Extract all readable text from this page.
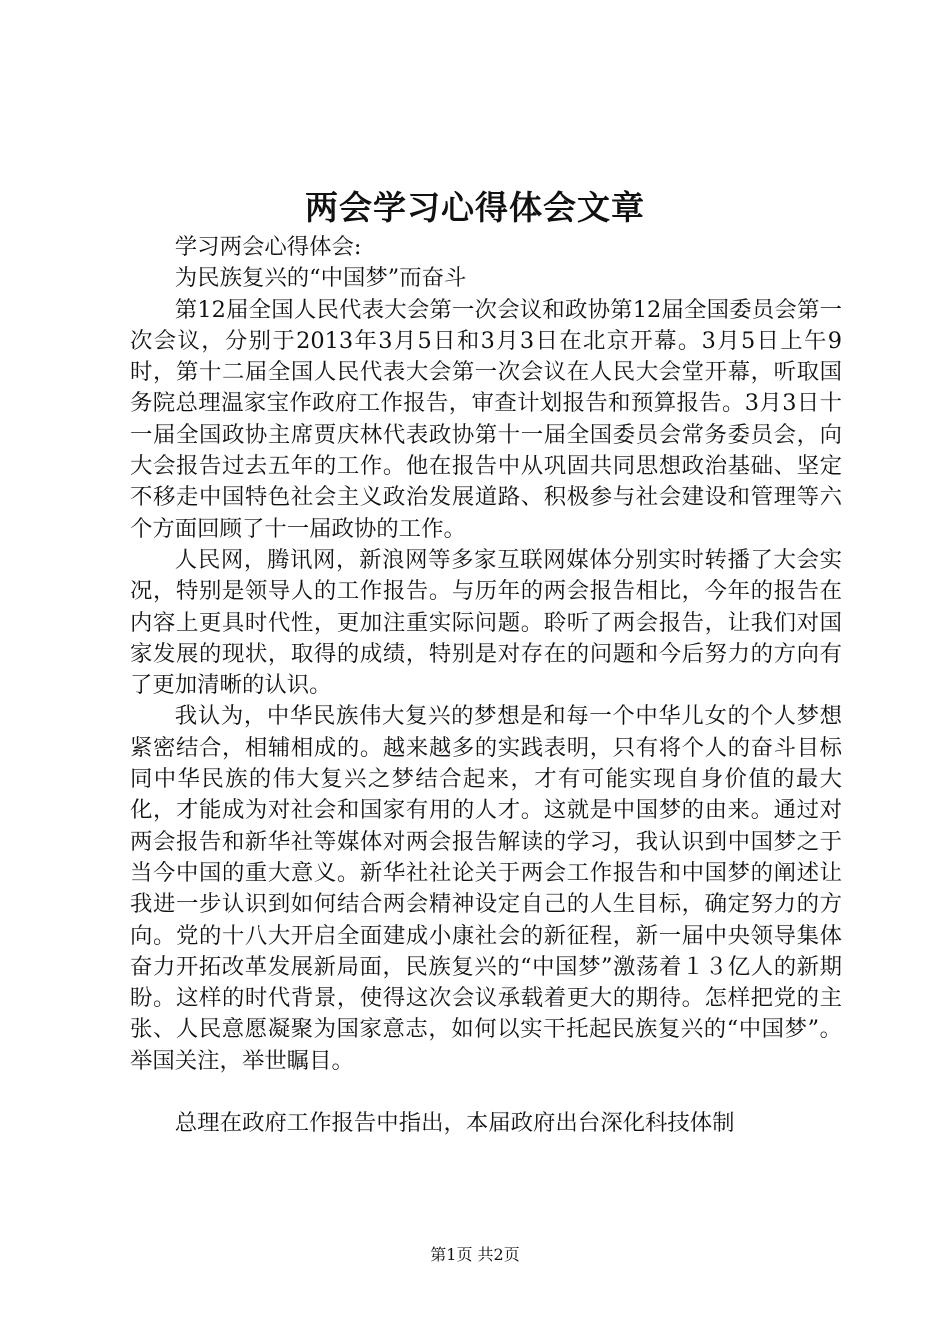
两会学习心得体会文章

学习两会心得体会:

为民族复兴的“中国梦”而奋斗

第12届全国人民代表大会第一次会议和政协第12届全国委员会第一次会议，分别于2013年3月5日和3月3日在北京开幕。3月5日上午9时，第十二届全国人民代表大会第一次会议在人民大会堂开幕，听取国务院总理温家宝作政府工作报告，审查计划报告和预算报告。3月3日十一届全国政协主席贾庆林代表政协第十一届全国委员会常务委员会，向大会报告过去五年的工作。他在报告中从巩固共同思想政治基础、坚定不移走中国特色社会主义政治发展道路、积极参与社会建设和管理等六个方面回顾了十一届政协的工作。

人民网，腾讯网，新浪网等多家互联网媒体分别实时转播了大会实况，特别是领导人的工作报告。与历年的两会报告相比，今年的报告在内容上更具时代性，更加注重实际问题。聆听了两会报告，让我们对国家发展的现状，取得的成绩，特别是对存在的问题和今后努力的方向有了更加清晰的认识。

我认为，中华民族伟大复兴的梦想是和每一个中华儿女的个人梦想紧密结合，相辅相成的。越来越多的实践表明，只有将个人的奋斗目标同中华民族的伟大复兴之梦结合起来，才有可能实现自身价值的最大化，才能成为对社会和国家有用的人才。这就是中国梦的由来。通过对两会报告和新华社等媒体对两会报告解读的学习，我认识到中国梦之于当今中国的重大意义。新华社社论关于两会工作报告和中国梦的阐述让我进一步认识到如何结合两会精神设定自己的人生目标，确定努力的方向。党的十八大开启全面建成小康社会的新征程，新一届中央领导集体奋力开拓改革发展新局面，民族复兴的“中国梦”激荡着１３亿人的新期盼。这样的时代背景，使得这次会议承载着更大的期待。怎样把党的主张、人民意愿凝聚为国家意志，如何以实干托起民族复兴的“中国梦”。举国关注，举世瞩目。

总理在政府工作报告中指出，本届政府出台深化科技体制

第1页 共2页
